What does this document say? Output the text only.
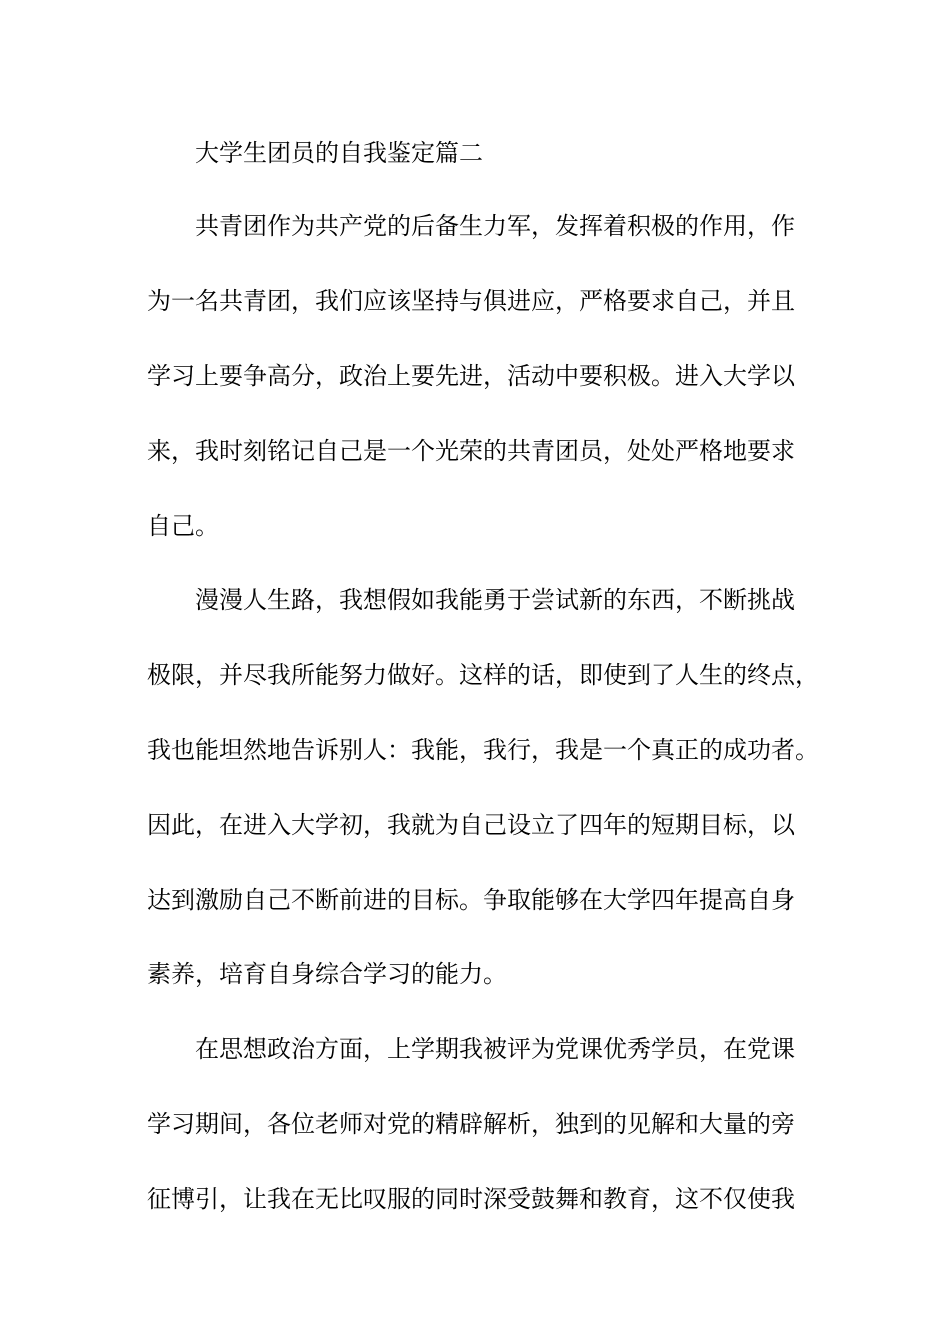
大学生团员的自我鉴定篇二
共青团作为共产党的后备生力军，发挥着积极的作用，作
为一名共青团，我们应该坚持与俱进应，严格要求自己，并且
学习上要争高分，政治上要先进，活动中要积极。进入大学以
来，我时刻铭记自己是一个光荣的共青团员，处处严格地要求
自己。
漫漫人生路，我想假如我能勇于尝试新的东西，不断挑战
极限，并尽我所能努力做好。这样的话，即使到了人生的终点，
我也能坦然地告诉别人：我能，我行，我是一个真正的成功者。
因此，在进入大学初，我就为自己设立了四年的短期目标，以
达到激励自己不断前进的目标。争取能够在大学四年提高自身
素养，培育自身综合学习的能力。
在思想政治方面，上学期我被评为党课优秀学员，在党课
学习期间，各位老师对党的精辟解析，独到的见解和大量的旁
征博引，让我在无比叹服的同时深受鼓舞和教育，这不仅使我
